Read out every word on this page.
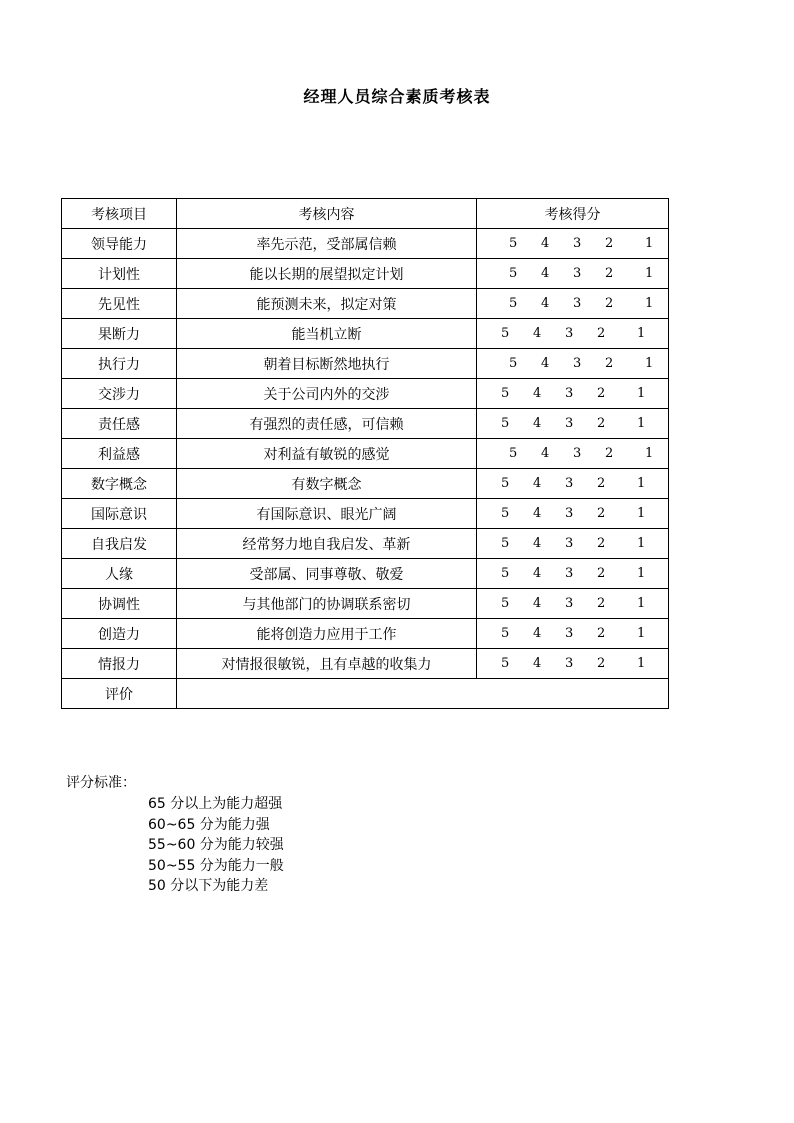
经理人员综合素质考核表
考核项目	考核内容	考核得分
领导能力	率先示范，受部属信赖	5 4 3 2 1

计划性	能以长期的展望拟定计划	5 4 3 2 1

先见性	能预测未来，拟定对策	5 4 3 2 1

果断力	能当机立断	5 4 3 2 1

执行力	朝着目标断然地执行	5 4 3 2 1

交涉力	关于公司内外的交涉	5 4 3 2 1

责任感	有强烈的责任感，可信赖	5 4 3 2 1

利益感	对利益有敏锐的感觉	5 4 3 2 1

数字概念	有数字概念	5 4 3 2 1

国际意识	有国际意识、眼光广阔	5 4 3 2 1

自我启发	经常努力地自我启发、革新	5 4 3 2 1

人缘	受部属、同事尊敬、敬爱	5 4 3 2 1

协调性	与其他部门的协调联系密切	5 4 3 2 1

创造力	能将创造力应用于工作	5 4 3 2 1

情报力	对情报很敏锐，且有卓越的收集力	5 4 3 2 1

评价		
评分标准：
65 分以上为能力超强
60~65 分为能力强
55~60 分为能力较强
50~55 分为能力一般
50 分以下为能力差
